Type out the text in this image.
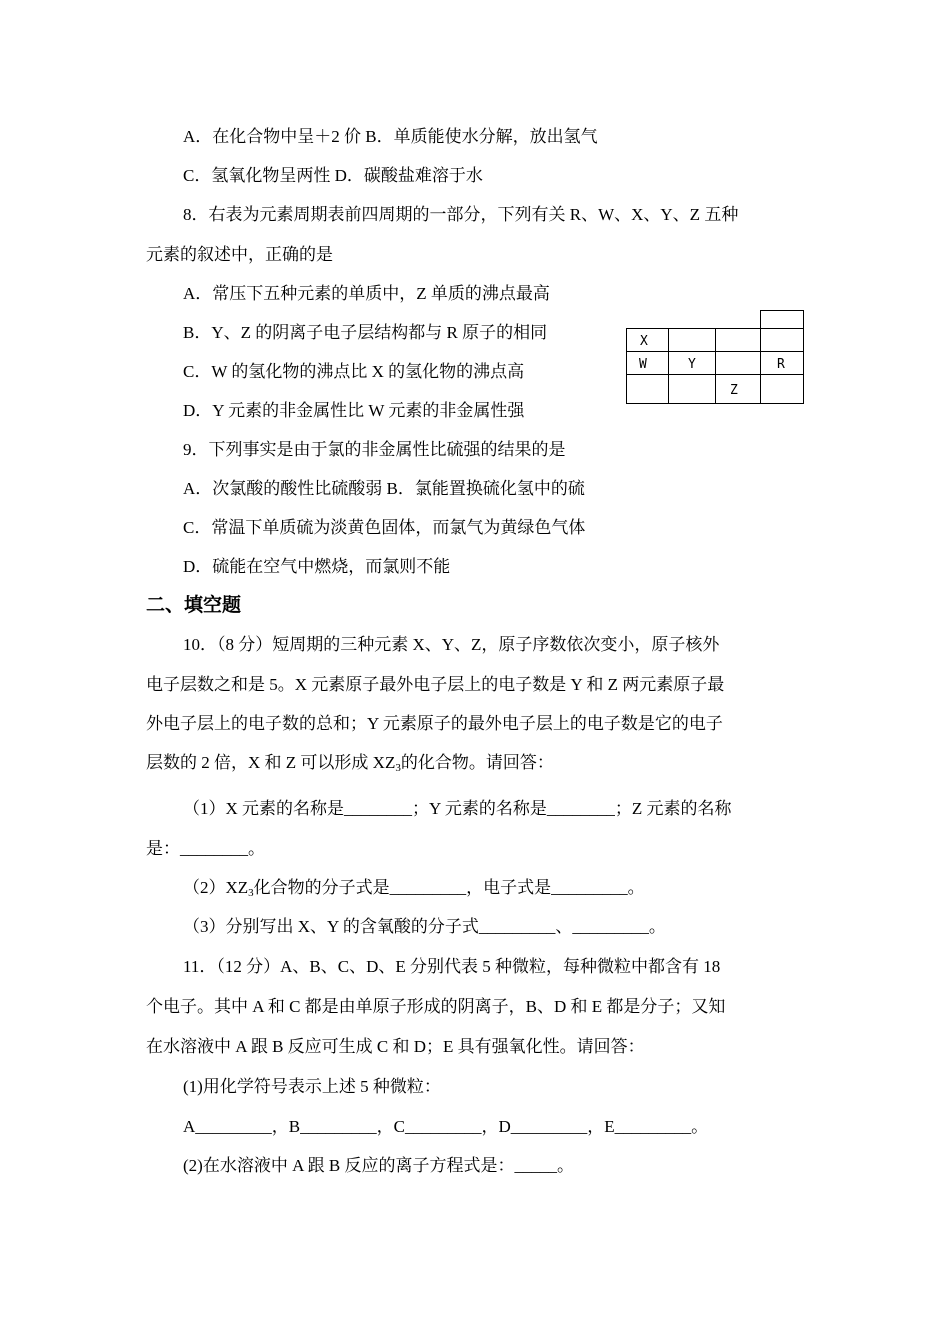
A．在化合物中呈＋2 价 B．单质能使水分解，放出氢气
C．氢氧化物呈两性 D．碳酸盐难溶于水
8．右表为元素周期表前四周期的一部分，下列有关 R、W、X、Y、Z 五种
元素的叙述中，正确的是
A．常压下五种元素的单质中，Z 单质的沸点最高
B．Y、Z 的阴离子电子层结构都与 R 原子的相同
C．W 的氢化物的沸点比 X 的氢化物的沸点高
D．Y 元素的非金属性比 W 元素的非金属性强
9．下列事实是由于氯的非金属性比硫强的结果的是
A．次氯酸的酸性比硫酸弱 B．氯能置换硫化氢中的硫
C．常温下单质硫为淡黄色固体，而氯气为黄绿色气体
D．硫能在空气中燃烧，而氯则不能
二、填空题
10．（8 分）短周期的三种元素 X、Y、Z，原子序数依次变小，原子核外
电子层数之和是 5。X 元素原子最外电子层上的电子数是 Y 和 Z 两元素原子最
外电子层上的电子数的总和；Y 元素原子的最外电子层上的电子数是它的电子
层数的 2 倍，X 和 Z 可以形成 $XZ_3$的化合物。请回答：
（1）X 元素的名称是________；Y 元素的名称是________；Z 元素的名称
是：________。
$(2)XZ_3$化合物的分子式是_________，电子式是_________。
（3）分别写出 X、Y 的含氧酸的分子式_________、_________。
11．（12 分）A、B、C、D、E 分别代表 5 种微粒，每种微粒中都含有 18
个电子。其中 A 和 C 都是由单原子形成的阴离子，B、D 和 E 都是分子；又知
在水溶液中 A 跟 B 反应可生成 C 和 D；E 具有强氧化性。请回答：
(1)用化学符号表示上述 5 种微粒：
A_________，B_________，C_________，D_________，E_________。
(2)在水溶液中 A 跟 B 反应的离子方程式是：_____。
X
W	Y	R
Z
